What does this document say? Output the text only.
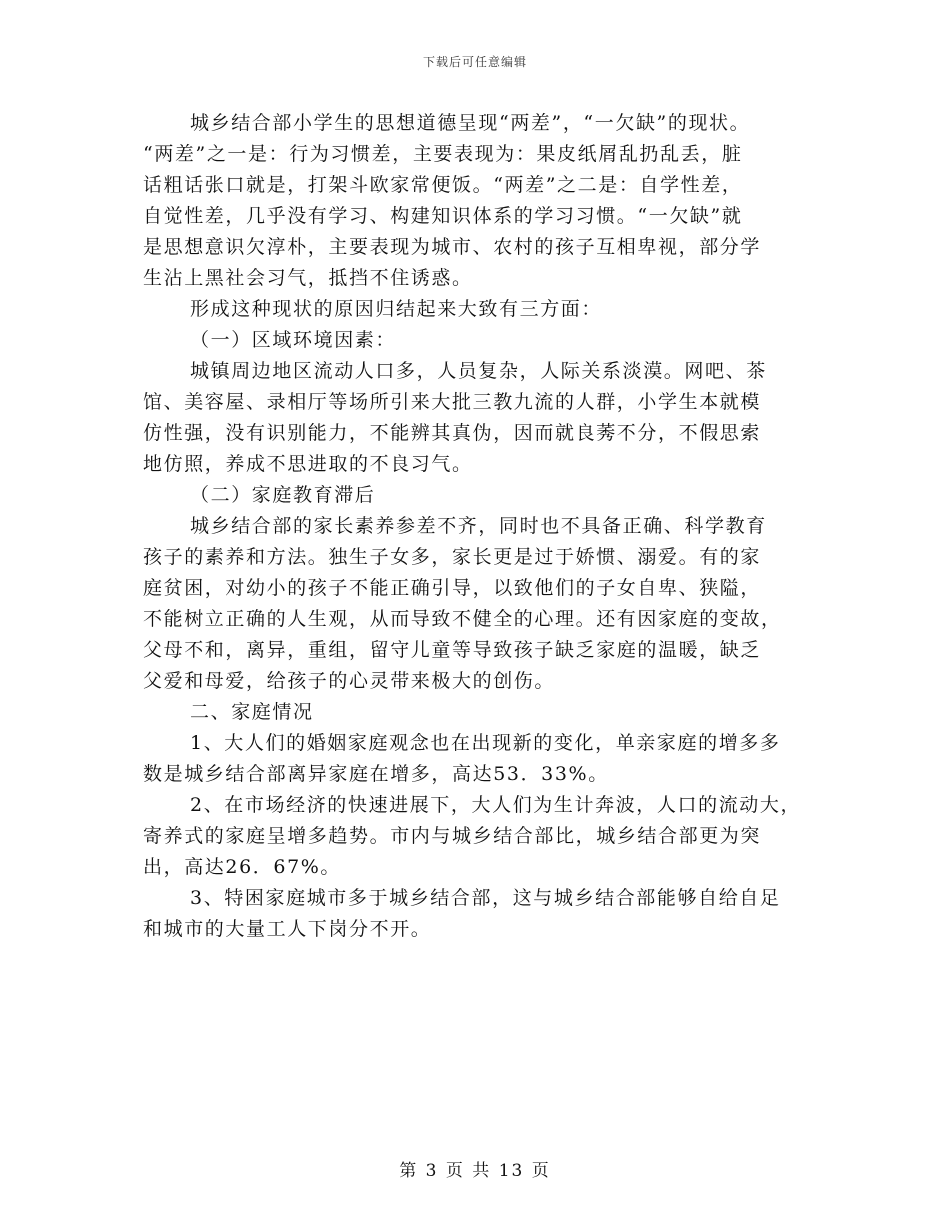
下载后可任意编辑
城乡结合部小学生的思想道德呈现“两差”，“一欠缺”的现状。
“两差”之一是：行为习惯差，主要表现为：果皮纸屑乱扔乱丢，脏
话粗话张口就是，打架斗欧家常便饭。“两差”之二是：自学性差，
自觉性差，几乎没有学习、构建知识体系的学习习惯。“一欠缺”就
是思想意识欠淳朴，主要表现为城市、农村的孩子互相卑视，部分学
生沾上黑社会习气，抵挡不住诱惑。
形成这种现状的原因归结起来大致有三方面：
（一）区域环境因素：
城镇周边地区流动人口多，人员复杂，人际关系淡漠。网吧、茶
馆、美容屋、录相厅等场所引来大批三教九流的人群，小学生本就模
仿性强，没有识别能力，不能辨其真伪，因而就良莠不分，不假思索
地仿照，养成不思进取的不良习气。
（二）家庭教育滞后
城乡结合部的家长素养参差不齐，同时也不具备正确、科学教育
孩子的素养和方法。独生子女多，家长更是过于娇惯、溺爱。有的家
庭贫困，对幼小的孩子不能正确引导，以致他们的子女自卑、狭隘，
不能树立正确的人生观，从而导致不健全的心理。还有因家庭的变故，
父母不和，离异，重组，留守儿童等导致孩子缺乏家庭的温暖，缺乏
父爱和母爱，给孩子的心灵带来极大的创伤。
二、家庭情况
1、大人们的婚姻家庭观念也在出现新的变化，单亲家庭的增多多
数是城乡结合部离异家庭在增多，高达53．33%。
2、在市场经济的快速进展下，大人们为生计奔波，人口的流动大，
寄养式的家庭呈增多趋势。市内与城乡结合部比，城乡结合部更为突
出，高达26．67%。
3、特困家庭城市多于城乡结合部，这与城乡结合部能够自给自足
和城市的大量工人下岗分不开。
第 3 页 共 13 页
